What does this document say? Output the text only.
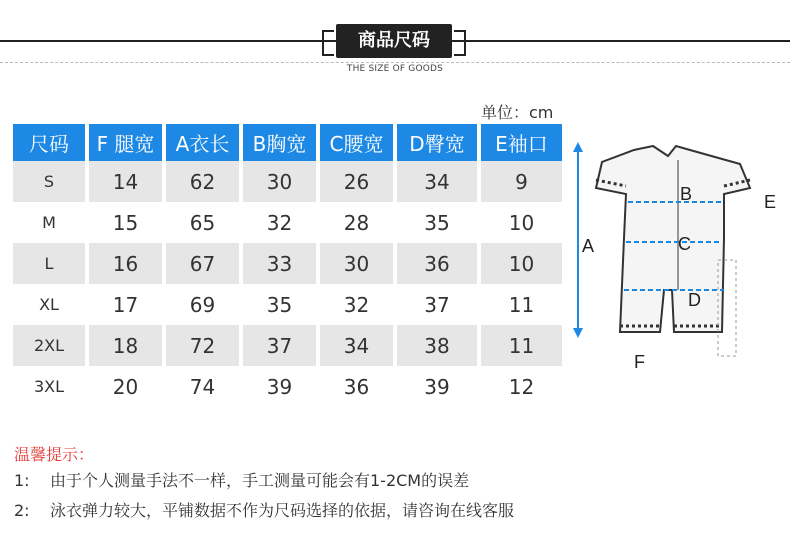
商品尺码
THE SIZE OF GOODS
单位：cm
尺码	F 腿宽	A衣长	B胸宽	C腰宽	D臀宽	E袖口
S	14	62	30	26	34	9
M	15	65	32	28	35	10
L	16	67	33	30	36	10
XL	17	69	35	32	37	11
2XL	18	72	37	34	38	11
3XL	20	74	39	36	39	12
A
B
C
D
E
F
温馨提示：
1: 由于个人测量手法不一样，手工测量可能会有1-2CM的误差
2: 泳衣弹力较大，平铺数据不作为尺码选择的依据，请咨询在线客服
